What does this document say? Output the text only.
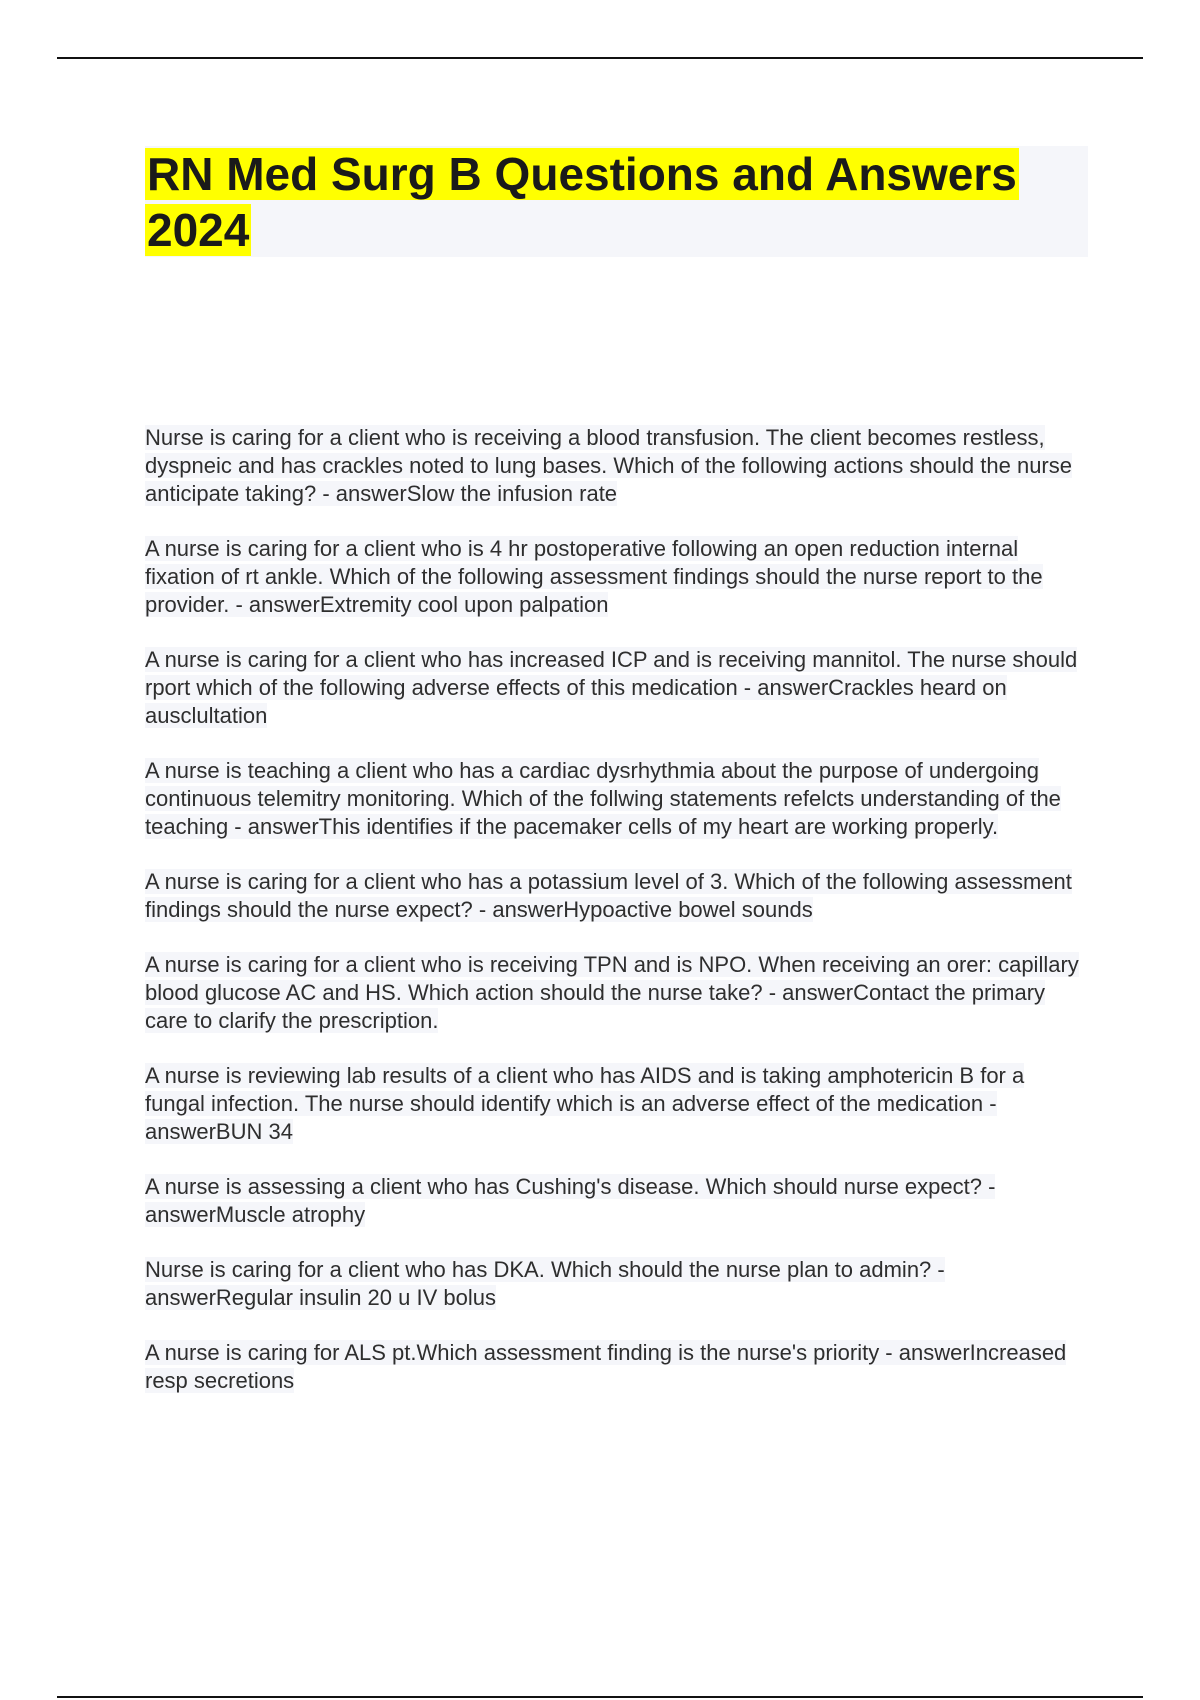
RN Med Surg B Questions and Answers 2024

Nurse is caring for a client who is receiving a blood transfusion. The client becomes restless, dyspneic and has crackles noted to lung bases. Which of the following actions should the nurse anticipate taking? - answerSlow the infusion rate

A nurse is caring for a client who is 4 hr postoperative following an open reduction internal fixation of rt ankle. Which of the following assessment findings should the nurse report to the provider. - answerExtremity cool upon palpation

A nurse is caring for a client who has increased ICP and is receiving mannitol. The nurse should rport which of the following adverse effects of this medication - answerCrackles heard on ausclultation

A nurse is teaching a client who has a cardiac dysrhythmia about the purpose of undergoing continuous telemitry monitoring. Which of the follwing statements refelcts understanding of the teaching - answerThis identifies if the pacemaker cells of my heart are working properly.

A nurse is caring for a client who has a potassium level of 3. Which of the following assessment findings should the nurse expect? - answerHypoactive bowel sounds

A nurse is caring for a client who is receiving TPN and is NPO. When receiving an orer: capillary blood glucose AC and HS. Which action should the nurse take? - answerContact the primary care to clarify the prescription.

A nurse is reviewing lab results of a client who has AIDS and is taking amphotericin B for a fungal infection. The nurse should identify which is an adverse effect of the medication - answerBUN 34

A nurse is assessing a client who has Cushing's disease. Which should nurse expect? - answerMuscle atrophy

Nurse is caring for a client who has DKA. Which should the nurse plan to admin? - answerRegular insulin 20 u IV bolus

A nurse is caring for ALS pt.Which assessment finding is the nurse's priority - answerIncreased resp secretions
